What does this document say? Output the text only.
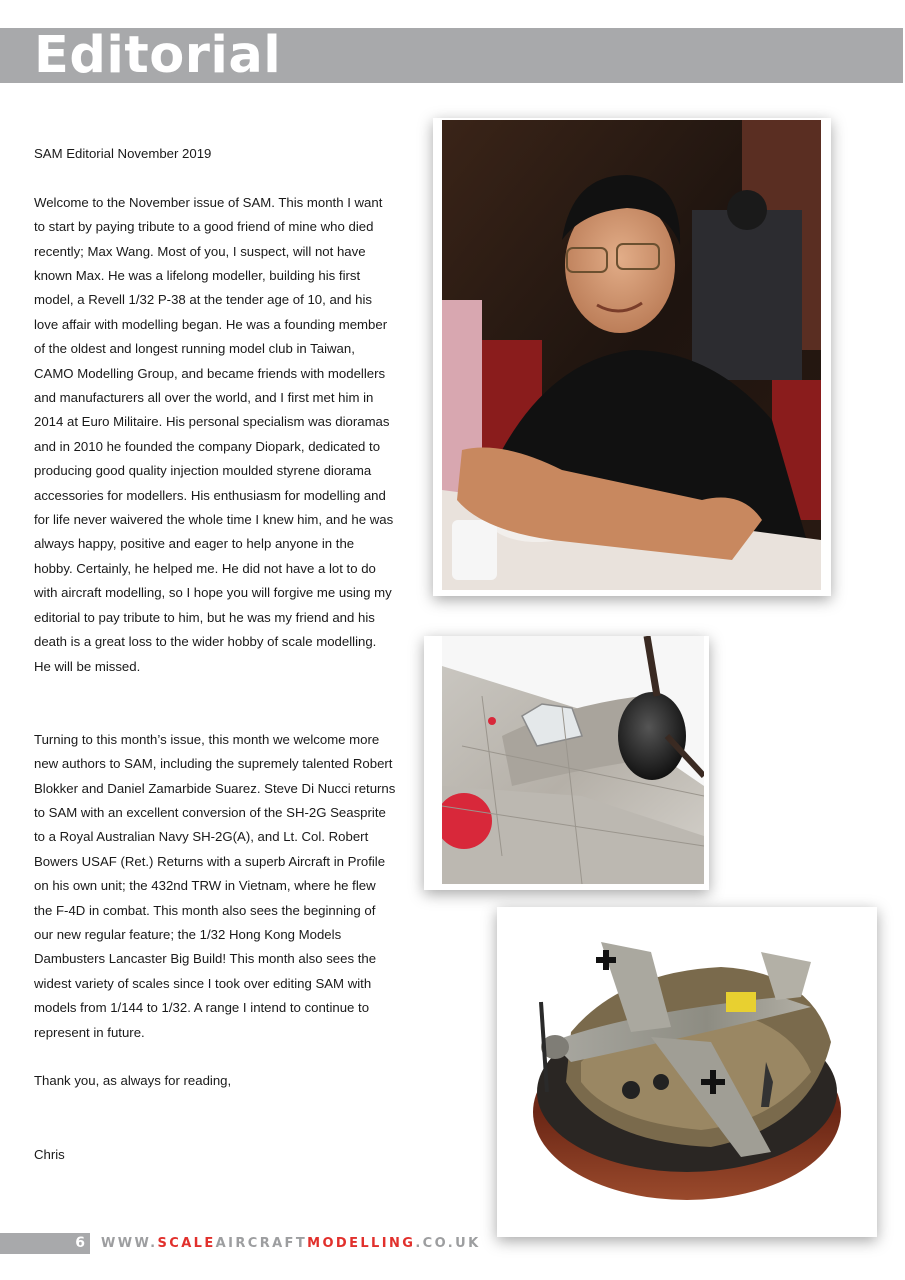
Editorial

SAM Editorial November 2019

Welcome to the November issue of SAM. This month I want to start by paying tribute to a good friend of mine who died recently; Max Wang. Most of you, I suspect, will not have known Max. He was a lifelong modeller, building his first model, a Revell 1/32 P-38 at the tender age of 10, and his love affair with modelling began. He was a founding member of the oldest and longest running model club in Taiwan, CAMO Modelling Group, and became friends with modellers and manufacturers all over the world, and I first met him in 2014 at Euro Militaire. His personal specialism was dioramas and in 2010 he founded the company Diopark, dedicated to producing good quality injection moulded styrene diorama accessories for modellers. His enthusiasm for modelling and for life never waivered the whole time I knew him, and he was always happy, positive and eager to help anyone in the hobby. Certainly, he helped me. He did not have a lot to do with aircraft modelling, so I hope you will forgive me using my editorial to pay tribute to him, but he was my friend and his death is a great loss to the wider hobby of scale modelling.

He will be missed.

Turning to this month’s issue, this month we welcome more new authors to SAM, including the supremely talented Robert Blokker and Daniel Zamarbide Suarez. Steve Di Nucci returns to SAM with an excellent conversion of the SH-2G Seasprite to a Royal Australian Navy SH-2G(A), and Lt. Col. Robert Bowers USAF (Ret.) Returns with a superb Aircraft in Profile on his own unit; the 432nd TRW in Vietnam, where he flew the F-4D in combat. This month also sees the beginning of our new regular feature; the 1/32 Hong Kong Models Dambusters Lancaster Big Build! This month also sees the widest variety of scales since I took over editing SAM with models from 1/144 to 1/32. A range I intend to continue to represent in future.

Thank you, as always for reading,

Chris

6 WWW.SCALEAIRCRAFTMODELLING.CO.UK
